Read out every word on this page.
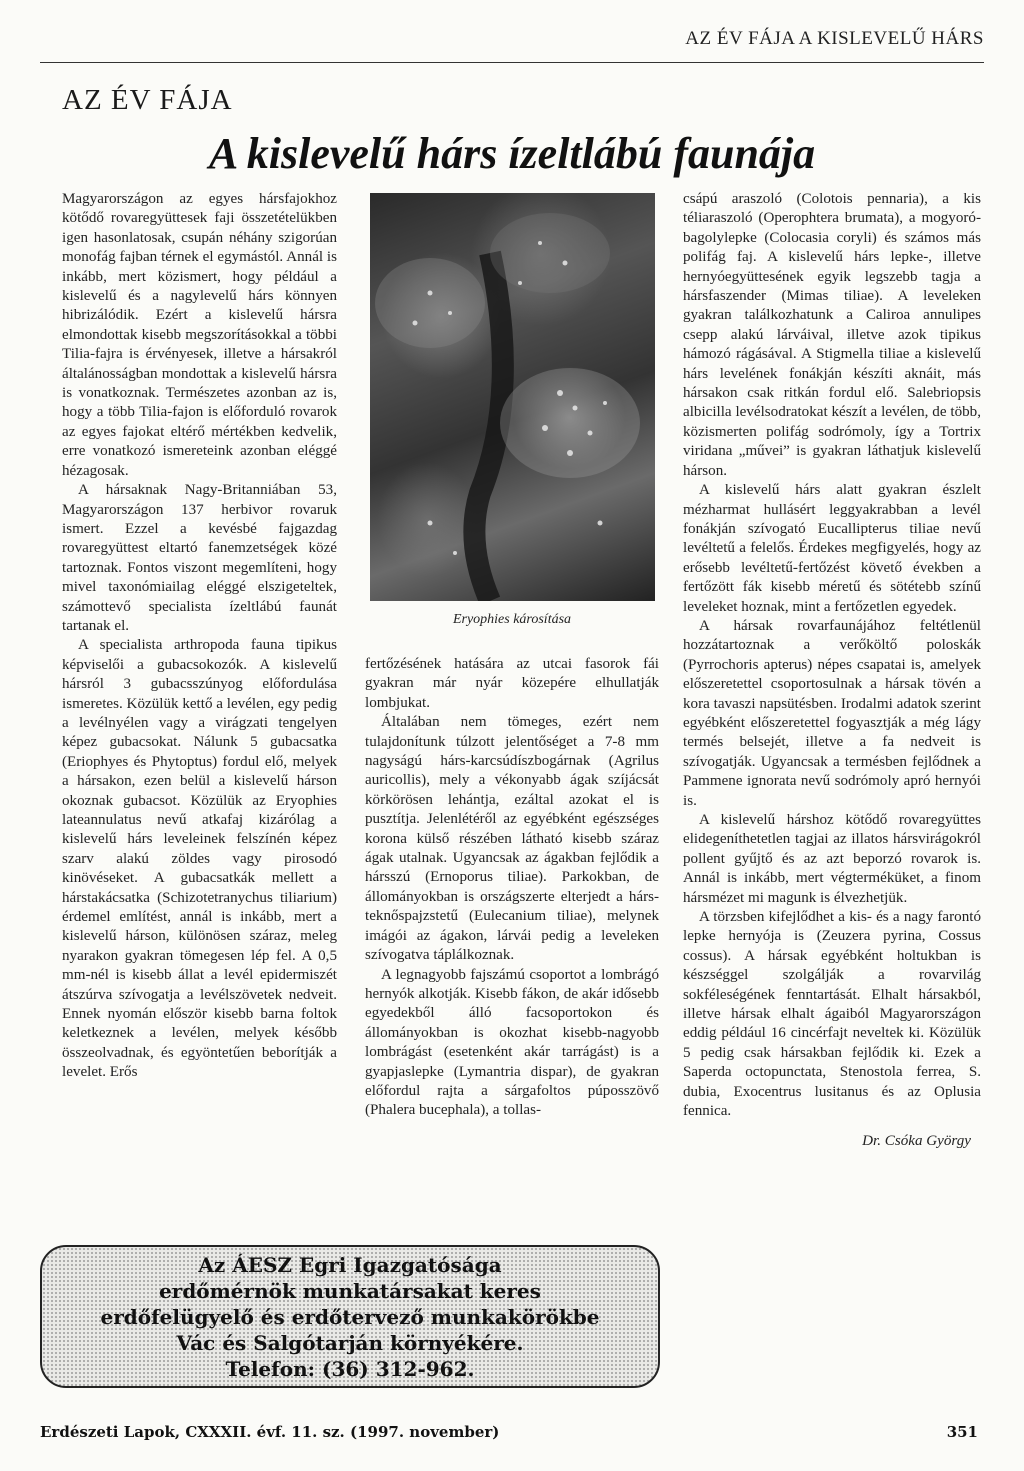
AZ ÉV FÁJA A KISLEVELŰ HÁRS
AZ ÉV FÁJA
A kislevelű hárs ízeltlábú faunája

Magyarországon az egyes hársfajokhoz kötődő rovaregyüttesek faji összetételükben igen hasonlatosak, csupán néhány szigorúan monofág fajban térnek el egymástól. Annál is inkább, mert közismert, hogy például a kislevelű és a nagylevelű hárs könnyen hibrizálódik. Ezért a kislevelű hársra elmondottak kisebb megszorításokkal a többi Tilia-fajra is érvényesek, illetve a hársakról általánosságban mondottak a kislevelű hársra is vonatkoznak. Természetes azonban az is, hogy a több Tilia-fajon is előforduló rovarok az egyes fajokat eltérő mértékben kedvelik, erre vonatkozó ismereteink azonban eléggé hézagosak.

A hársaknak Nagy-Britanniában 53, Magyarországon 137 herbivor rovaruk ismert. Ezzel a kevésbé fajgazdag rovaregyüttest eltartó fanemzetségek közé tartoznak. Fontos viszont megemlíteni, hogy mivel taxonómiailag eléggé elszigeteltek, számottevő specialista ízeltlábú faunát tartanak el.

A specialista arthropoda fauna tipikus képviselői a gubacsokozók. A kislevelű hársról 3 gubacsszúnyog előfordulása ismeretes. Közülük kettő a levélen, egy pedig a levélnyélen vagy a virágzati tengelyen képez gubacsokat. Nálunk 5 gubacsatka (Eriophyes és Phytoptus) fordul elő, melyek a hársakon, ezen belül a kislevelű hárson okoznak gubacsot. Közülük az Eryophies lateannulatus nevű atkafaj kizárólag a kislevelű hárs leveleinek felszínén képez szarv alakú zöldes vagy pirosodó kinövéseket. A gubacsatkák mellett a hárstakácsatka (Schizotetranychus tiliarium) érdemel említést, annál is inkább, mert a kislevelű hárson, különösen száraz, meleg nyarakon gyakran tömegesen lép fel. A 0,5 mm-nél is kisebb állat a levél epidermiszét átszúrva szívogatja a levélszövetek nedveit. Ennek nyomán először kisebb barna foltok keletkeznek a levélen, melyek később összeolvadnak, és egyöntetűen beborítják a levelet. Erős

Eryophies károsítása

fertőzésének hatására az utcai fasorok fái gyakran már nyár közepére elhullatják lombjukat.

Általában nem tömeges, ezért nem tulajdonítunk túlzott jelentőséget a 7-8 mm nagyságú hárs-karcsúdíszbogárnak (Agrilus auricollis), mely a vékonyabb ágak szíjácsát körkörösen lehántja, ezáltal azokat el is pusztítja. Jelenlétéről az egyébként egészséges korona külső részében látható kisebb száraz ágak utalnak. Ugyancsak az ágakban fejlődik a hársszú (Ernoporus tiliae). Parkokban, de állományokban is országszerte elterjedt a hárs-teknőspajzstetű (Eulecanium tiliae), melynek imágói az ágakon, lárvái pedig a leveleken szívogatva táplálkoznak.

A legnagyobb fajszámú csoportot a lombrágó hernyók alkotják. Kisebb fákon, de akár idősebb egyedekből álló facsoportokon és állományokban is okozhat kisebb-nagyobb lombrágást (esetenként akár tarrágást) is a gyapjaslepke (Lymantria dispar), de gyakran előfordul rajta a sárgafoltos púposszövő (Phalera bucephala), a tollas-

csápú araszoló (Colotois pennaria), a kis téliaraszoló (Operophtera brumata), a mogyoró-bagolylepke (Colocasia coryli) és számos más polifág faj. A kislevelű hárs lepke-, illetve hernyóegyüttesének egyik legszebb tagja a hársfaszender (Mimas tiliae). A leveleken gyakran találkozhatunk a Caliroa annulipes csepp alakú lárváival, illetve azok tipikus hámozó rágásával. A Stigmella tiliae a kislevelű hárs levelének fonákján készíti aknáit, más hársakon csak ritkán fordul elő. Salebriopsis albicilla levélsodratokat készít a levélen, de több, közismerten polifág sodrómoly, így a Tortrix viridana „művei” is gyakran láthatjuk kislevelű hárson.

A kislevelű hárs alatt gyakran észlelt mézharmat hullásért leggyakrabban a levél fonákján szívogató Eucallipterus tiliae nevű levéltetű a felelős. Érdekes megfigyelés, hogy az erősebb levéltetű-fertőzést követő években a fertőzött fák kisebb méretű és sötétebb színű leveleket hoznak, mint a fertőzetlen egyedek.

A hársak rovarfaunájához feltétlenül hozzátartoznak a verőköltő poloskák (Pyrrochoris apterus) népes csapatai is, amelyek előszeretettel csoportosulnak a hársak tövén a kora tavaszi napsütésben. Irodalmi adatok szerint egyébként előszeretettel fogyasztják a még lágy termés belsejét, illetve a fa nedveit is szívogatják. Ugyancsak a termésben fejlődnek a Pammene ignorata nevű sodrómoly apró hernyói is.

A kislevelű hárshoz kötődő rovaregyüttes elidegeníthetetlen tagjai az illatos hársvirágokról pollent gyűjtő és az azt beporzó rovarok is. Annál is inkább, mert végterméküket, a finom hársmézet mi magunk is élvezhetjük.

A törzsben kifejlődhet a kis- és a nagy farontó lepke hernyója is (Zeuzera pyrina, Cossus cossus). A hársak egyébként holtukban is készséggel szolgálják a rovarvilág sokféleségének fenntartását. Elhalt hársakból, illetve hársak elhalt ágaiból Magyarországon eddig például 16 cincérfajt neveltek ki. Közülük 5 pedig csak hársakban fejlődik ki. Ezek a Saperda octopunctata, Stenostola ferrea, S. dubia, Exocentrus lusitanus és az Oplusia fennica.

Dr. Csóka György
Az ÁESZ Egri Igazgatósága
erdőmérnök munkatársakat keres
erdőfelügyelő és erdőtervező munkakörökbe
Vác és Salgótarján környékére.
Telefon: (36) 312-962.
Erdészeti Lapok, CXXXII. évf. 11. sz. (1997. november)	351
